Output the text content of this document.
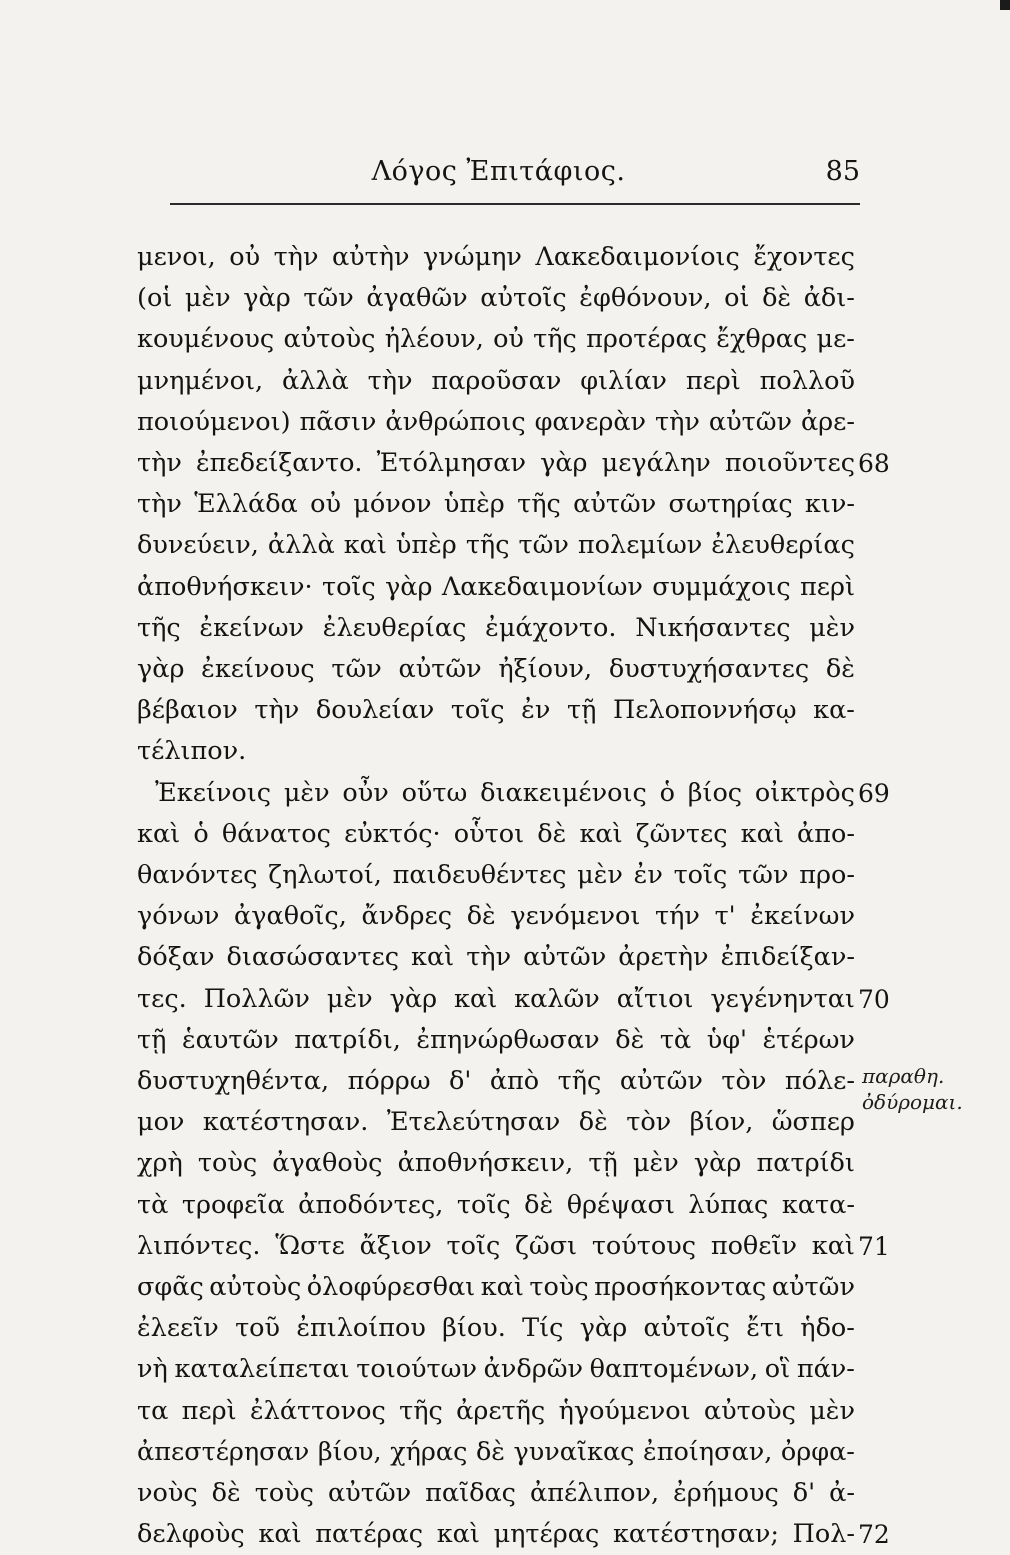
Λόγος Ἐπιτάφιος.	85
μενοι, οὐ τὴν αὐτὴν γνώμην Λακεδαιμονίοις ἔχοντες
(οἱ μὲν γὰρ τῶν ἀγαθῶν αὐτοῖς ἐφθόνουν, οἱ δὲ ἀδι-
κουμένους αὐτοὺς ἠλέουν, οὐ τῆς προτέρας ἔχθρας με-
μνημένοι, ἀλλὰ τὴν παροῦσαν φιλίαν περὶ πολλοῦ
ποιούμενοι) πᾶσιν ἀνθρώποις φανερὰν τὴν αὐτῶν ἀρε-
τὴν ἐπεδείξαντο. Ἐτόλμησαν γὰρ μεγάλην ποιοῦντες
τὴν Ἑλλάδα οὐ μόνον ὑπὲρ τῆς αὐτῶν σωτηρίας κιν-
δυνεύειν, ἀλλὰ καὶ ὑπὲρ τῆς τῶν πολεμίων ἐλευθερίας
ἀποθνήσκειν· τοῖς γὰρ Λακεδαιμονίων συμμάχοις περὶ
τῆς ἐκείνων ἐλευθερίας ἐμάχοντο. Νικήσαντες μὲν
γὰρ ἐκείνους τῶν αὐτῶν ἠξίουν, δυστυχήσαντες δὲ
βέβαιον τὴν δουλείαν τοῖς ἐν τῇ Πελοποννήσῳ κα-
τέλιπον.
Ἐκείνοις μὲν οὖν οὕτω διακειμένοις ὁ βίος οἰκτρὸς
καὶ ὁ θάνατος εὐκτός· οὗτοι δὲ καὶ ζῶντες καὶ ἀπο-
θανόντες ζηλωτοί, παιδευθέντες μὲν ἐν τοῖς τῶν προ-
γόνων ἀγαθοῖς, ἄνδρες δὲ γενόμενοι τήν τ' ἐκείνων
δόξαν διασώσαντες καὶ τὴν αὐτῶν ἀρετὴν ἐπιδείξαν-
τες. Πολλῶν μὲν γὰρ καὶ καλῶν αἴτιοι γεγένηνται
τῇ ἑαυτῶν πατρίδι, ἐπηνώρθωσαν δὲ τὰ ὑφ' ἑτέρων
δυστυχηθέντα, πόρρω δ' ἀπὸ τῆς αὐτῶν τὸν πόλε-
μον κατέστησαν. Ἐτελεύτησαν δὲ τὸν βίον, ὥσπερ
χρὴ τοὺς ἀγαθοὺς ἀποθνήσκειν, τῇ μὲν γὰρ πατρίδι
τὰ τροφεῖα ἀποδόντες, τοῖς δὲ θρέψασι λύπας κατα-
λιπόντες. Ὥστε ἄξιον τοῖς ζῶσι τούτους ποθεῖν καὶ
σφᾶς αὐτοὺς ὀλοφύρεσθαι καὶ τοὺς προσήκοντας αὐτῶν
ἐλεεῖν τοῦ ἐπιλοίπου βίου. Τίς γὰρ αὐτοῖς ἔτι ἡδο-
νὴ καταλείπεται τοιούτων ἀνδρῶν θαπτομένων, οἳ πάν-
τα περὶ ἐλάττονος τῆς ἀρετῆς ἡγούμενοι αὐτοὺς μὲν
ἀπεστέρησαν βίου, χήρας δὲ γυναῖκας ἐποίησαν, ὀρφα-
νοὺς δὲ τοὺς αὐτῶν παῖδας ἀπέλιπον, ἐρήμους δ' ἀ-
δελφοὺς καὶ πατέρας καὶ μητέρας κατέστησαν; Πολ-
68
69
70
71
72
παραθη.
ὀδύρομαι.
